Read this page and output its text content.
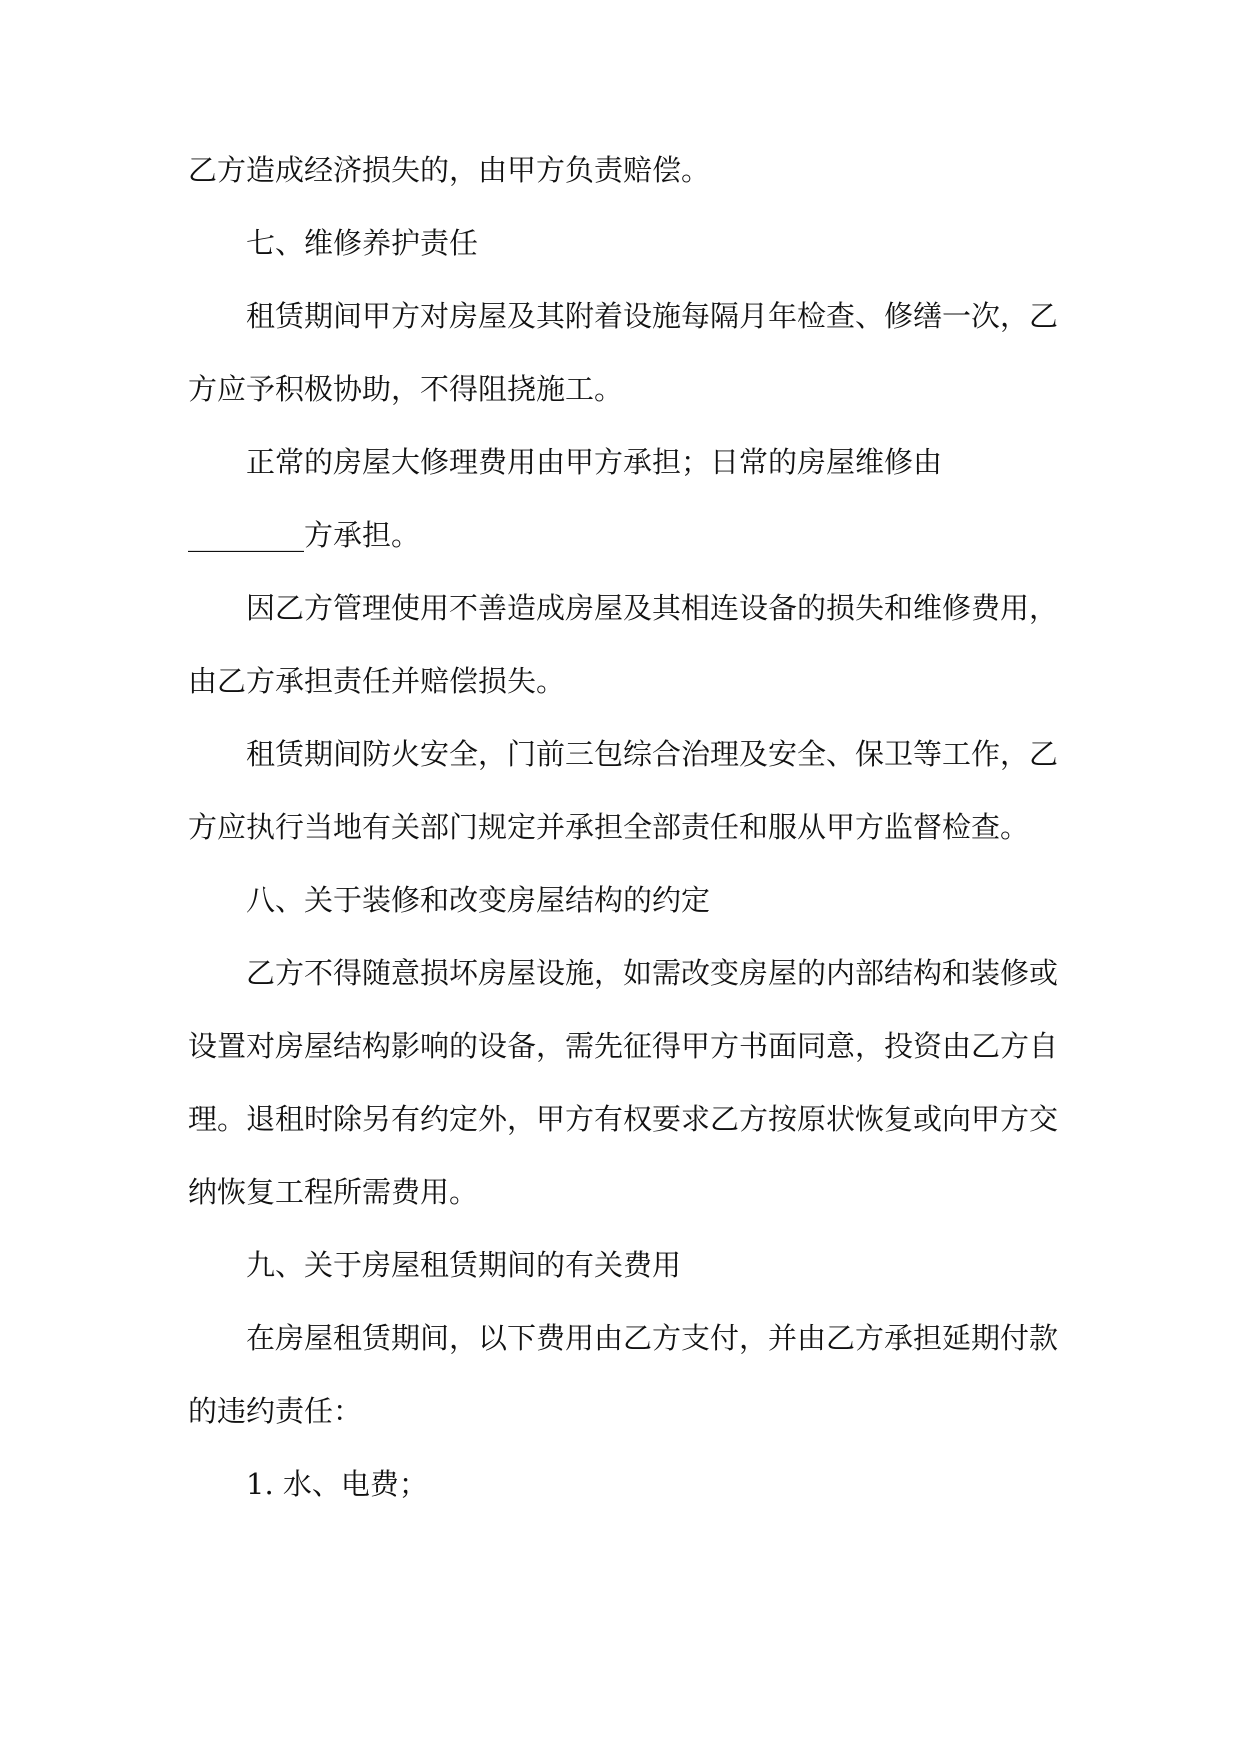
乙方造成经济损失的，由甲方负责赔偿。
七、维修养护责任
租赁期间甲方对房屋及其附着设施每隔月年检查、修缮一次，乙
方应予积极协助，不得阻挠施工。
正常的房屋大修理费用由甲方承担；日常的房屋维修由
________方承担。
因乙方管理使用不善造成房屋及其相连设备的损失和维修费用，
由乙方承担责任并赔偿损失。
租赁期间防火安全，门前三包综合治理及安全、保卫等工作，乙
方应执行当地有关部门规定并承担全部责任和服从甲方监督检查。
八、关于装修和改变房屋结构的约定
乙方不得随意损坏房屋设施，如需改变房屋的内部结构和装修或
设置对房屋结构影响的设备，需先征得甲方书面同意，投资由乙方自
理。退租时除另有约定外，甲方有权要求乙方按原状恢复或向甲方交
纳恢复工程所需费用。
九、关于房屋租赁期间的有关费用
在房屋租赁期间，以下费用由乙方支付，并由乙方承担延期付款
的违约责任：
1. 水、电费；
